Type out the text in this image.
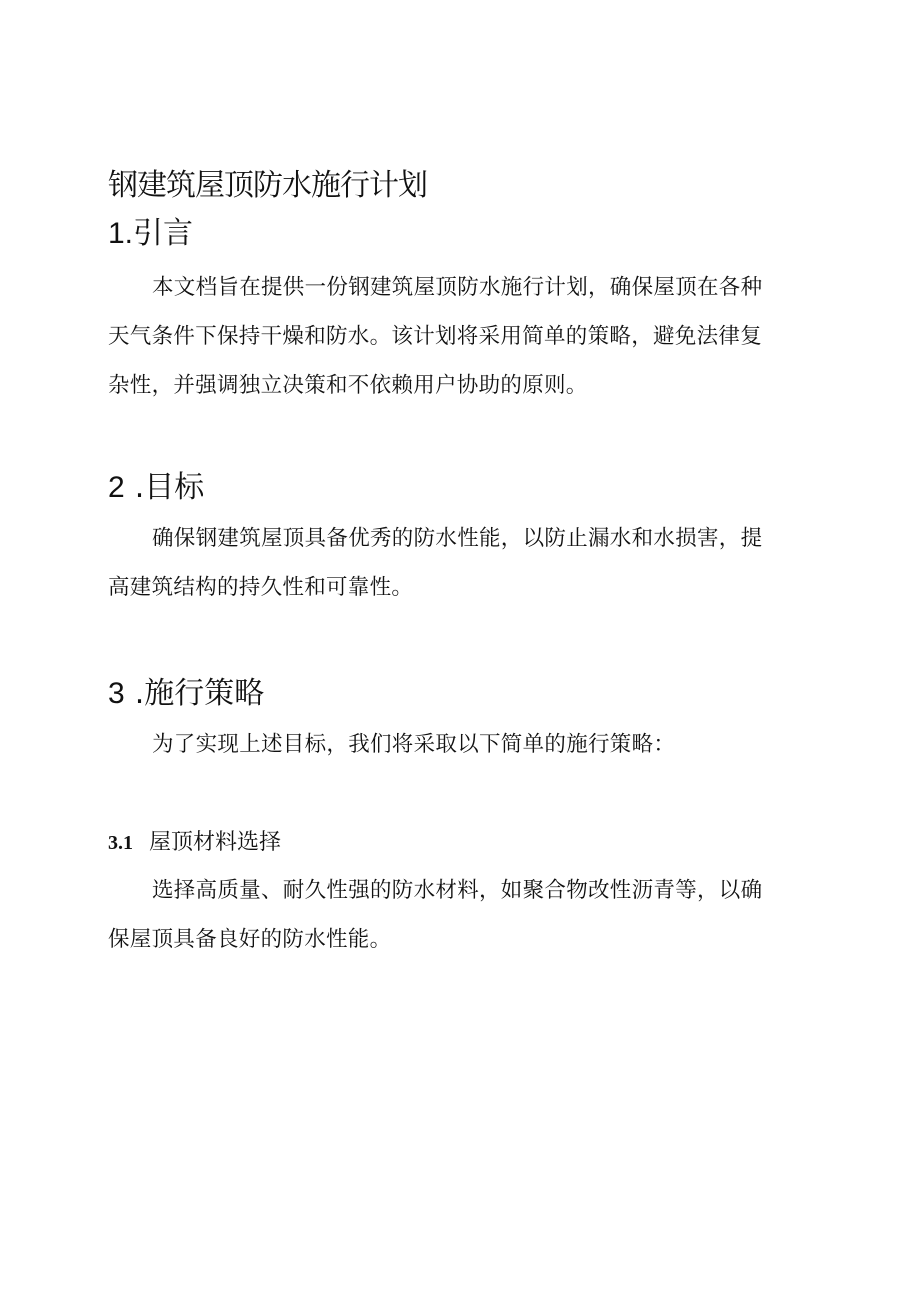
钢建筑屋顶防水施行计划
1.引言
本文档旨在提供一份钢建筑屋顶防水施行计划，确保屋顶在各种
天气条件下保持干燥和防水。该计划将采用简单的策略，避免法律复
杂性，并强调独立决策和不依赖用户协助的原则。
2 .目标
确保钢建筑屋顶具备优秀的防水性能，以防止漏水和水损害，提
高建筑结构的持久性和可靠性。
3 .施行策略
为了实现上述目标，我们将采取以下简单的施行策略：
3.1 屋顶材料选择
选择高质量、耐久性强的防水材料，如聚合物改性沥青等，以确
保屋顶具备良好的防水性能。
